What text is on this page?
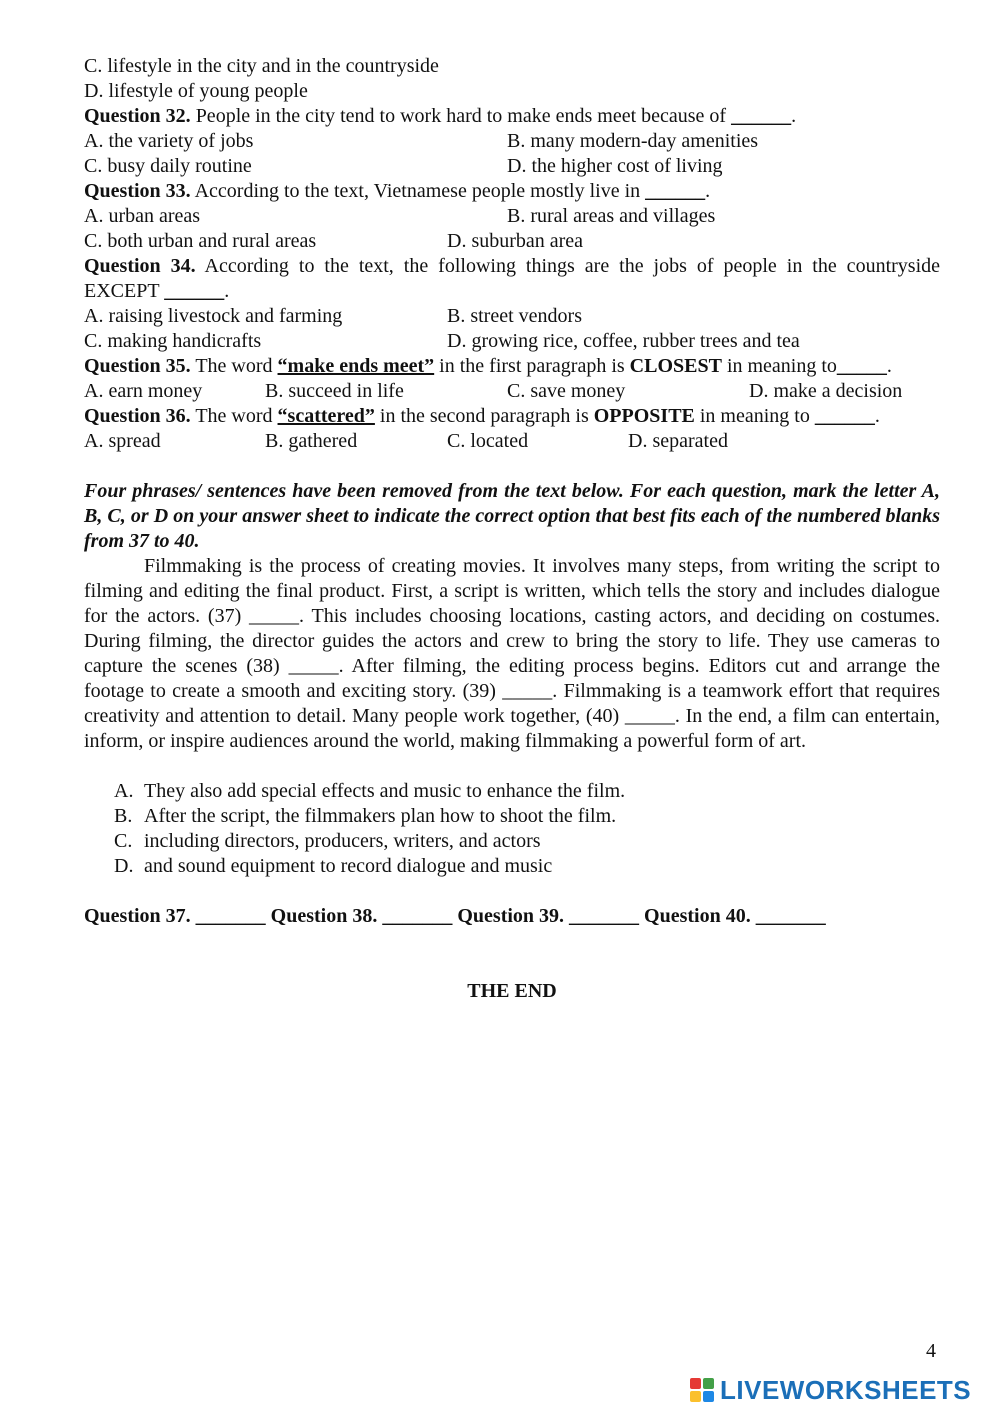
C. lifestyle in the city and in the countryside
D. lifestyle of young people
Question 32. People in the city tend to work hard to make ends meet because of ______.
A. the variety of jobs	B. many modern-day amenities
C. busy daily routine	D. the higher cost of living
Question 33. According to the text, Vietnamese people mostly live in ______.
A. urban areas	B. rural areas and villages
C. both urban and rural areas	D. suburban area
Question 34. According to the text, the following things are the jobs of people in the countryside EXCEPT ______.
A. raising livestock and farming	B. street vendors
C. making handicrafts	D. growing rice, coffee, rubber trees and tea
Question 35. The word “make ends meet” in the first paragraph is CLOSEST in meaning to_____.
A. earn money	B. succeed in life	C. save money	D. make a decision
Question 36. The word “scattered” in the second paragraph is OPPOSITE in meaning to ______.
A. spread	B. gathered	C. located	D. separated
Four phrases/ sentences have been removed from the text below. For each question, mark the letter A, B, C, or D on your answer sheet to indicate the correct option that best fits each of the numbered blanks from 37 to 40.
Filmmaking is the process of creating movies. It involves many steps, from writing the script to filming and editing the final product. First, a script is written, which tells the story and includes dialogue for the actors. (37) _____. This includes choosing locations, casting actors, and deciding on costumes. During filming, the director guides the actors and crew to bring the story to life. They use cameras to capture the scenes (38) _____. After filming, the editing process begins. Editors cut and arrange the footage to create a smooth and exciting story. (39) _____. Filmmaking is a teamwork effort that requires creativity and attention to detail. Many people work together, (40) _____. In the end, a film can entertain, inform, or inspire audiences around the world, making filmmaking a powerful form of art.
A. They also add special effects and music to enhance the film.
B. After the script, the filmmakers plan how to shoot the film.
C. including directors, producers, writers, and actors
D. and sound equipment to record dialogue and music
Question 37. _______ Question 38. _______ Question 39. _______ Question 40. _______
THE END
4
LIVEWORKSHEETS
